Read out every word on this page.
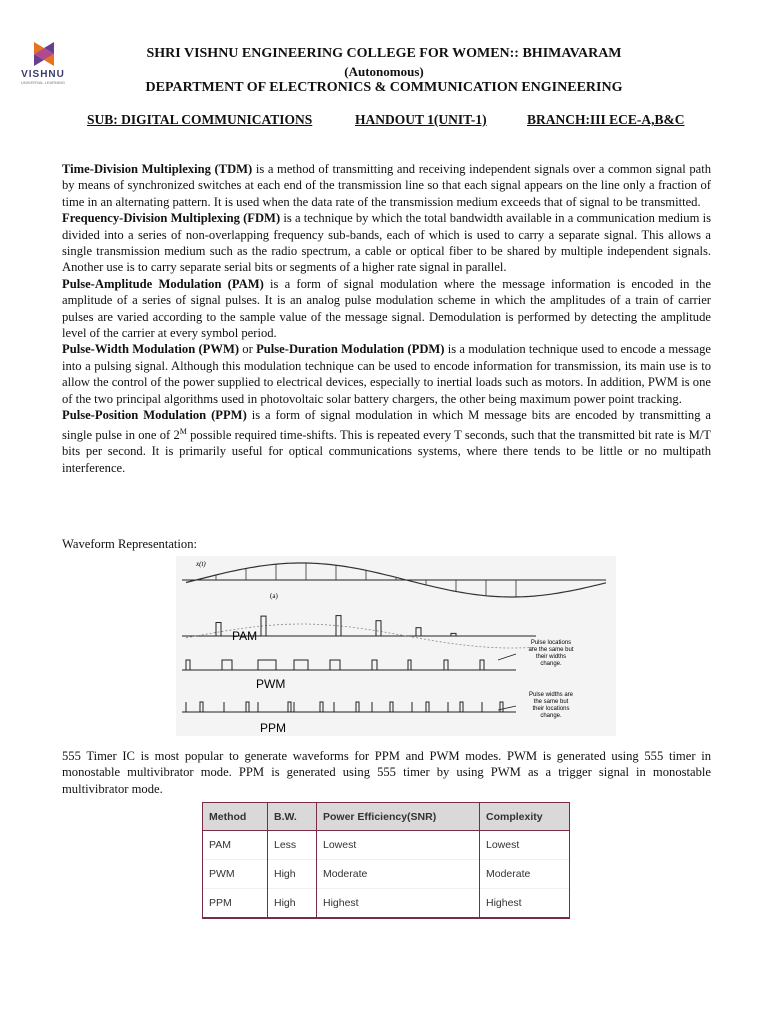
VISHNU
UNIVERSAL LEARNING
SHRI VISHNU ENGINEERING COLLEGE FOR WOMEN:: BHIMAVARAM
(Autonomous)
DEPARTMENT OF ELECTRONICS & COMMUNICATION ENGINEERING
SUB: DIGITAL COMMUNICATIONS	HANDOUT 1(UNIT-1)	BRANCH:III ECE-A,B&C

Time-Division Multiplexing (TDM) is a method of transmitting and receiving independent signals over a common signal path by means of synchronized switches at each end of the transmission line so that each signal appears on the line only a fraction of time in an alternating pattern. It is used when the data rate of the transmission medium exceeds that of signal to be transmitted.

Frequency-Division Multiplexing (FDM) is a technique by which the total bandwidth available in a communication medium is divided into a series of non-overlapping frequency sub-bands, each of which is used to carry a separate signal. This allows a single transmission medium such as the radio spectrum, a cable or optical fiber to be shared by multiple independent signals. Another use is to carry separate serial bits or segments of a higher rate signal in parallel.

Pulse-Amplitude Modulation (PAM) is a form of signal modulation where the message information is encoded in the amplitude of a series of signal pulses. It is an analog pulse modulation scheme in which the amplitudes of a train of carrier pulses are varied according to the sample value of the message signal. Demodulation is performed by detecting the amplitude level of the carrier at every symbol period.

Pulse-Width Modulation (PWM) or Pulse-Duration Modulation (PDM) is a modulation technique used to encode a message into a pulsing signal. Although this modulation technique can be used to encode information for transmission, its main use is to allow the control of the power supplied to electrical devices, especially to inertial loads such as motors. In addition, PWM is one of the two principal algorithms used in photovoltaic solar battery chargers, the other being maximum power point tracking.

Pulse-Position Modulation (PPM) is a form of signal modulation in which M message bits are encoded by transmitting a single pulse in one of $2^M$ possible required time-shifts. This is repeated every T seconds, such that the transmitted bit rate is M/T bits per second. It is primarily useful for optical communications systems, where there tends to be little or no multipath interference.

Waveform Representation:
x(t)
(a)
PAM
PWM
Pulse locations
are the same but
their widths
change.
PPM
Pulse widths are
the same but
their locations
change.
555 Timer IC is most popular to generate waveforms for PPM and PWM modes. PWM is generated using 555 timer in monostable multivibrator mode. PPM is generated using 555 timer by using PWM as a trigger signal in monostable multivibrator mode.
Method	B.W.	Power Efficiency(SNR)	Complexity
PAM	Less	Lowest	Lowest
PWM	High	Moderate	Moderate
PPM	High	Highest	Highest
